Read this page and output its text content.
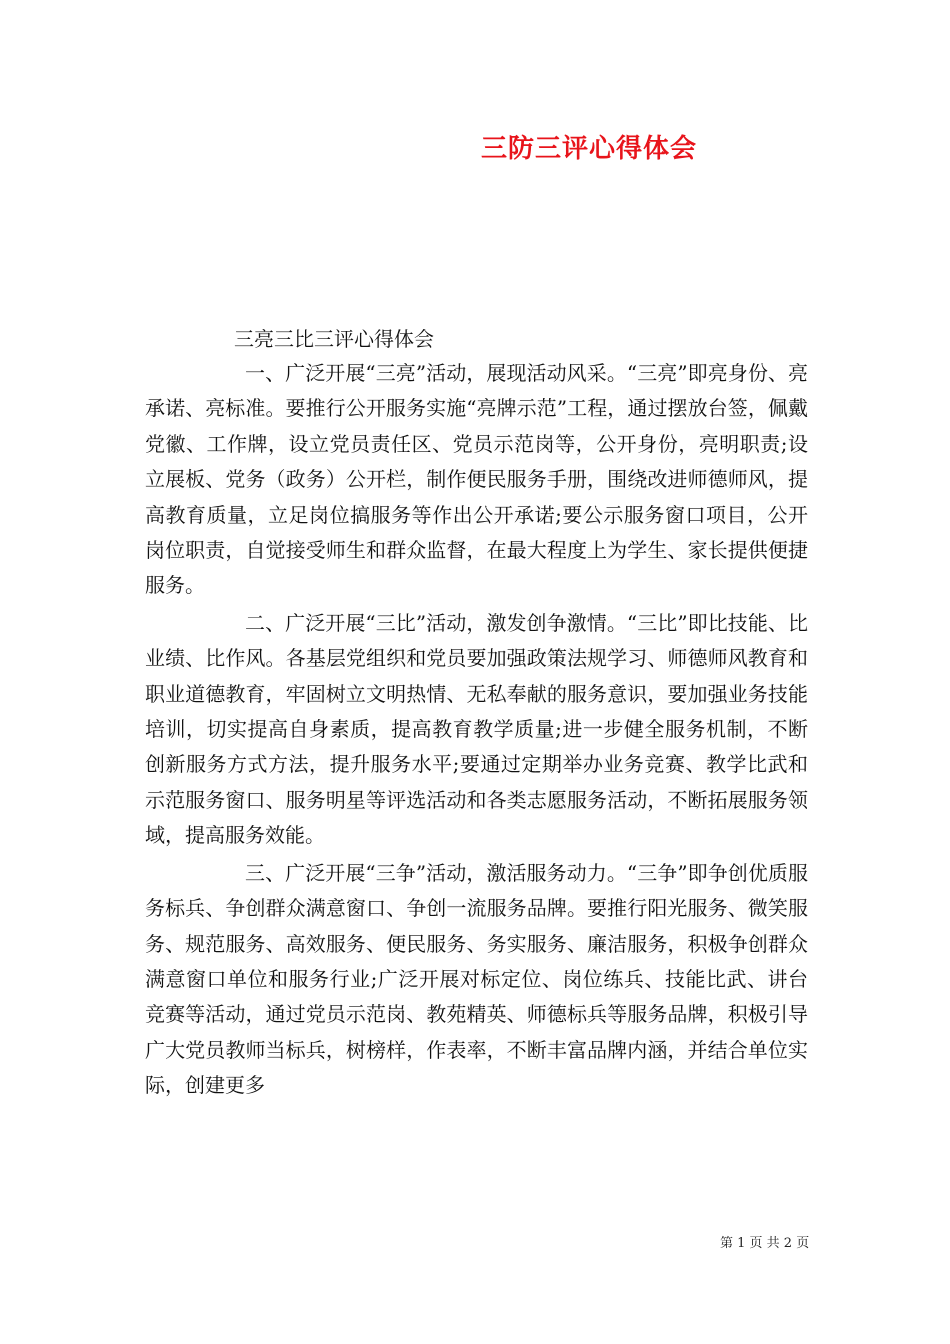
三防三评心得体会
三亮三比三评心得体会

一、广泛开展“三亮”活动，展现活动风采。“三亮”即亮身份、亮承诺、亮标准。要推行公开服务实施“亮牌示范”工程，通过摆放台签，佩戴党徽、工作牌，设立党员责任区、党员示范岗等，公开身份，亮明职责;设立展板、党务（政务）公开栏，制作便民服务手册，围绕改进师德师风，提高教育质量，立足岗位搞服务等作出公开承诺;要公示服务窗口项目，公开岗位职责，自觉接受师生和群众监督，在最大程度上为学生、家长提供便捷服务。

二、广泛开展“三比”活动，激发创争激情。“三比”即比技能、比业绩、比作风。各基层党组织和党员要加强政策法规学习、师德师风教育和职业道德教育，牢固树立文明热情、无私奉献的服务意识，要加强业务技能培训，切实提高自身素质，提高教育教学质量;进一步健全服务机制，不断创新服务方式方法，提升服务水平;要通过定期举办业务竞赛、教学比武和示范服务窗口、服务明星等评选活动和各类志愿服务活动，不断拓展服务领域，提高服务效能。

三、广泛开展“三争”活动，激活服务动力。“三争”即争创优质服务标兵、争创群众满意窗口、争创一流服务品牌。要推行阳光服务、微笑服务、规范服务、高效服务、便民服务、务实服务、廉洁服务，积极争创群众满意窗口单位和服务行业;广泛开展对标定位、岗位练兵、技能比武、讲台竞赛等活动，通过党员示范岗、教苑精英、师德标兵等服务品牌，积极引导广大党员教师当标兵，树榜样，作表率，不断丰富品牌内涵，并结合单位实际，创建更多

第 1 页 共 2 页
